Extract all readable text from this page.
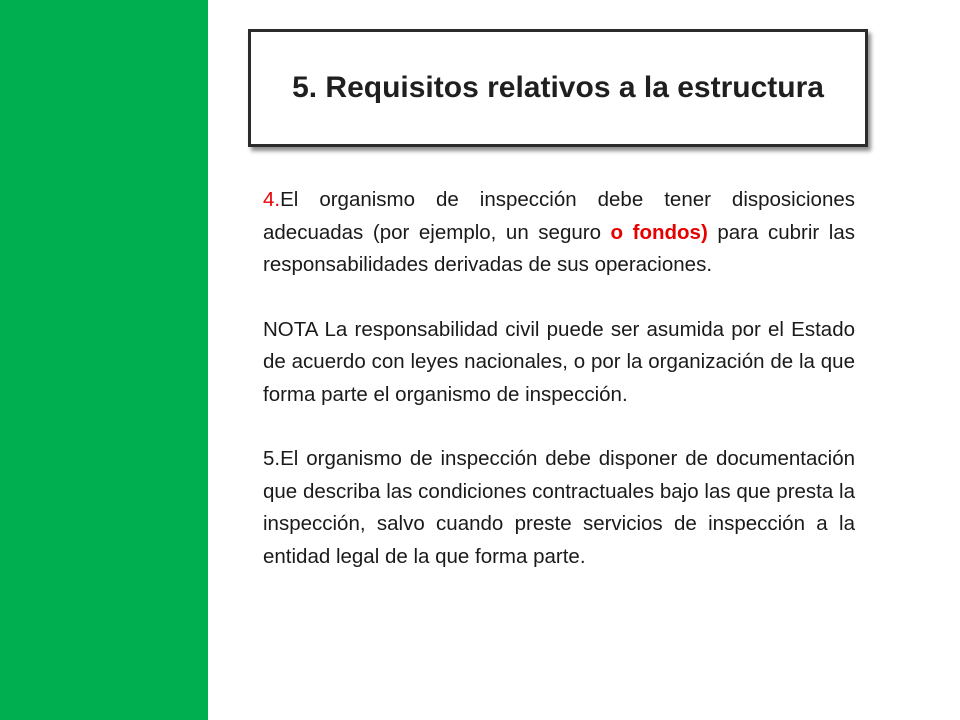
5. Requisitos relativos a la estructura

4.El organismo de inspección debe tener disposiciones adecuadas (por ejemplo, un seguro o fondos) para cubrir las responsabilidades derivadas de sus operaciones.

NOTA La responsabilidad civil puede ser asumida por el Estado de acuerdo con leyes nacionales, o por la organización de la que forma parte el organismo de inspección.

5.El organismo de inspección debe disponer de documentación que describa las condiciones contractuales bajo las que presta la inspección, salvo cuando preste servicios de inspección a la entidad legal de la que forma parte.
